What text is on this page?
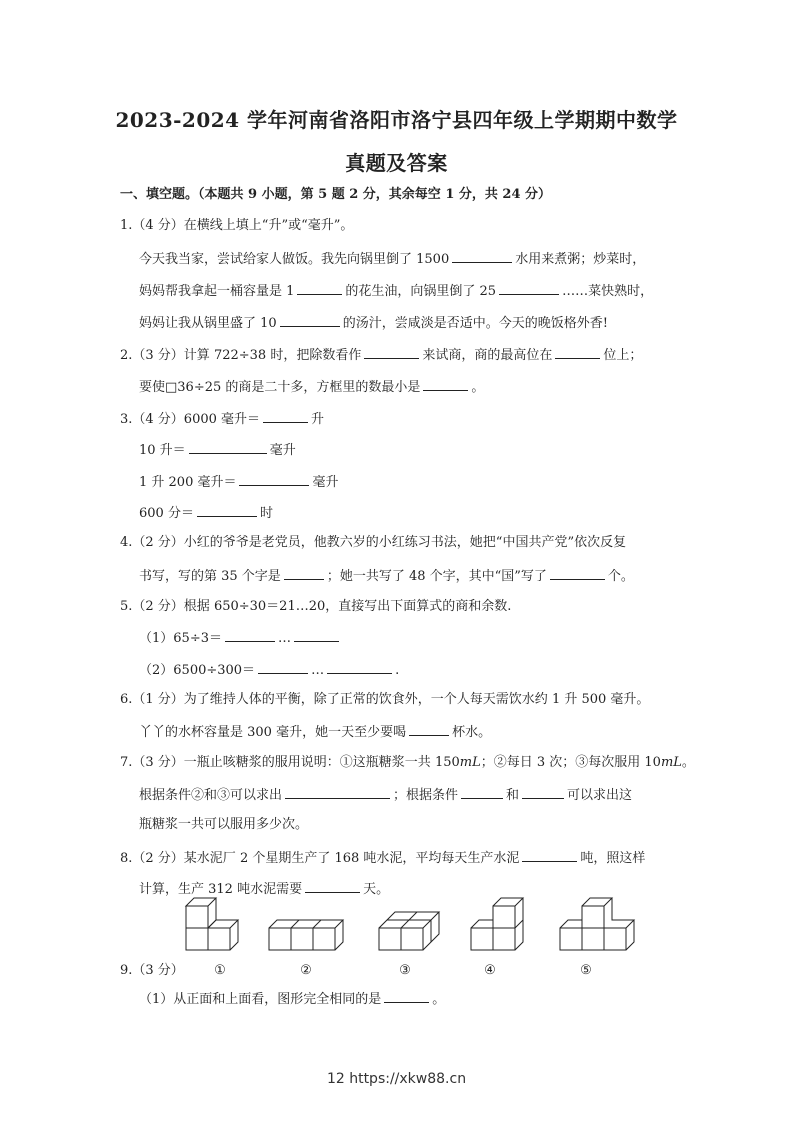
2023-2024 学年河南省洛阳市洛宁县四年级上学期期中数学
真题及答案
一、填空题。（本题共 9 小题，第 5 题 2 分，其余每空 1 分，共 24 分）
1.（4 分）在横线上填上“升”或“毫升”。
今天我当家，尝试给家人做饭。我先向锅里倒了 1500	水用来煮粥；炒菜时，
妈妈帮我拿起一桶容量是 1	的花生油，向锅里倒了 25	……菜快熟时，
妈妈让我从锅里盛了 10	的汤汁，尝咸淡是否适中。今天的晚饭格外香!
2.（3 分）计算 722÷38 时，把除数看作	来试商，商的最高位在	位上；
要使□36÷25 的商是二十多，方框里的数最小是	。
3.（4 分）6000 毫升＝	升
10 升＝	毫升
1 升 200 毫升＝	毫升
600 分＝	时
4.（2 分）小红的爷爷是老党员，他教六岁的小红练习书法，她把“中国共产党”依次反复
书写，写的第 35 个字是	；她一共写了 48 个字，其中“国”写了	个。
5.（2 分）根据 650÷30＝21…20，直接写出下面算式的商和余数.
（1）65÷3＝	…
（2）6500÷300＝	…	.
6.（1 分）为了维持人体的平衡，除了正常的饮食外，一个人每天需饮水约 1 升 500 毫升。
丫丫的水杯容量是 300 毫升，她一天至少要喝	杯水。
7.（3 分）一瓶止咳糖浆的服用说明：①这瓶糖浆一共 150mL；②每日 3 次；③每次服用 10mL。
根据条件②和③可以求出	；根据条件	和	可以求出这
瓶糖浆一共可以服用多少次。
8.（2 分）某水泥厂 2 个星期生产了 168 吨水泥，平均每天生产水泥	吨，照这样
计算，生产 312 吨水泥需要	天。
①	②	③	④	⑤
9.（3 分）
（1）从正面和上面看，图形完全相同的是	。
12 https://xkw88.cn
